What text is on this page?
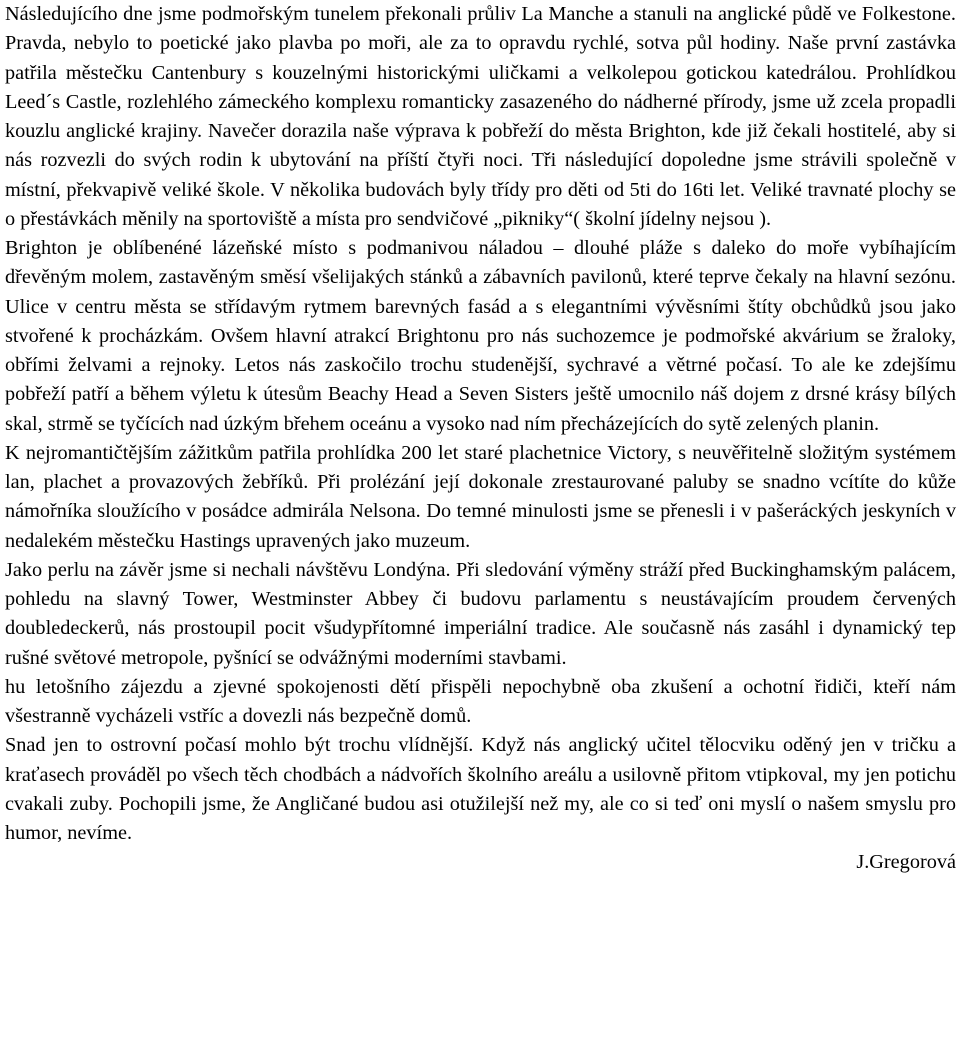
Následujícího dne jsme podmořským tunelem překonali průliv La Manche a stanuli na anglické půdě ve Folkestone. Pravda, nebylo to poetické jako plavba po moři, ale za to opravdu rychlé, sotva půl hodiny. Naše první zastávka patřila městečku Cantenbury s kouzelnými historickými uličkami a velkolepou gotickou katedrálou. Prohlídkou Leed´s Castle, rozlehlého zámeckého komplexu romanticky zasazeného do nádherné přírody, jsme už zcela propadli kouzlu anglické krajiny. Navečer dorazila naše výprava k pobřeží do města Brighton, kde již čekali hostitelé, aby si nás rozvezli do svých rodin k ubytování na příští čtyři noci. Tři následující dopoledne jsme strávili společně v místní, překvapivě veliké škole. V několika budovách byly třídy pro děti od 5ti do 16ti let. Veliké travnaté plochy se o přestávkách měnily na sportoviště a místa pro sendvičové „pikniky“( školní jídelny nejsou ).

Brighton je oblíbenéné lázeňské místo s podmanivou náladou – dlouhé pláže s daleko do moře vybíhajícím dřevěným molem, zastavěným směsí všelijakých stánků a zábavních pavilonů, které teprve čekaly na hlavní sezónu. Ulice v centru města se střídavým rytmem barevných fasád a s elegantními vývěsními štíty obchůdků jsou jako stvořené k procházkám. Ovšem hlavní atrakcí Brightonu pro nás suchozemce je podmořské akvárium se žraloky, obřími želvami a rejnoky. Letos nás zaskočilo trochu studenější, sychravé a větrné počasí. To ale ke zdejšímu pobřeží patří a během výletu k útesům Beachy Head a Seven Sisters ještě umocnilo náš dojem z drsné krásy bílých skal, strmě se tyčících nad úzkým břehem oceánu a vysoko nad ním přecházejících do sytě zelených planin.

K nejromantičtějším zážitkům patřila prohlídka 200 let staré plachetnice Victory, s neuvěřitelně složitým systémem lan, plachet a provazových žebříků. Při prolézání její dokonale zrestaurované paluby se snadno vcítíte do kůže námořníka sloužícího v posádce admirála Nelsona. Do temné minulosti jsme se přenesli i v pašeráckých jeskyních v nedalekém městečku Hastings upravených jako muzeum.

Jako perlu na závěr jsme si nechali návštěvu Londýna. Při sledování výměny stráží před Buckinghamským palácem, pohledu na slavný Tower, Westminster Abbey či budovu parlamentu s neustávajícím proudem červených doubledeckerů, nás prostoupil pocit všudypřítomné imperiální tradice. Ale současně nás zasáhl i dynamický tep rušné světové metropole, pyšnící se odvážnými moderními stavbami.

hu letošního zájezdu a zjevné spokojenosti dětí přispěli nepochybně oba zkušení a ochotní řidiči, kteří nám všestranně vycházeli vstříc a dovezli nás bezpečně domů.

Snad jen to ostrovní počasí mohlo být trochu vlídnější. Když nás anglický učitel tělocviku oděný jen v tričku a kraťasech prováděl po všech těch chodbách a nádvořích školního areálu a usilovně přitom vtipkoval, my jen potichu cvakali zuby. Pochopili jsme, že Angličané budou asi otužilejší než my, ale co si teď oni myslí o našem smyslu pro humor, nevíme.

J.Gregorová
